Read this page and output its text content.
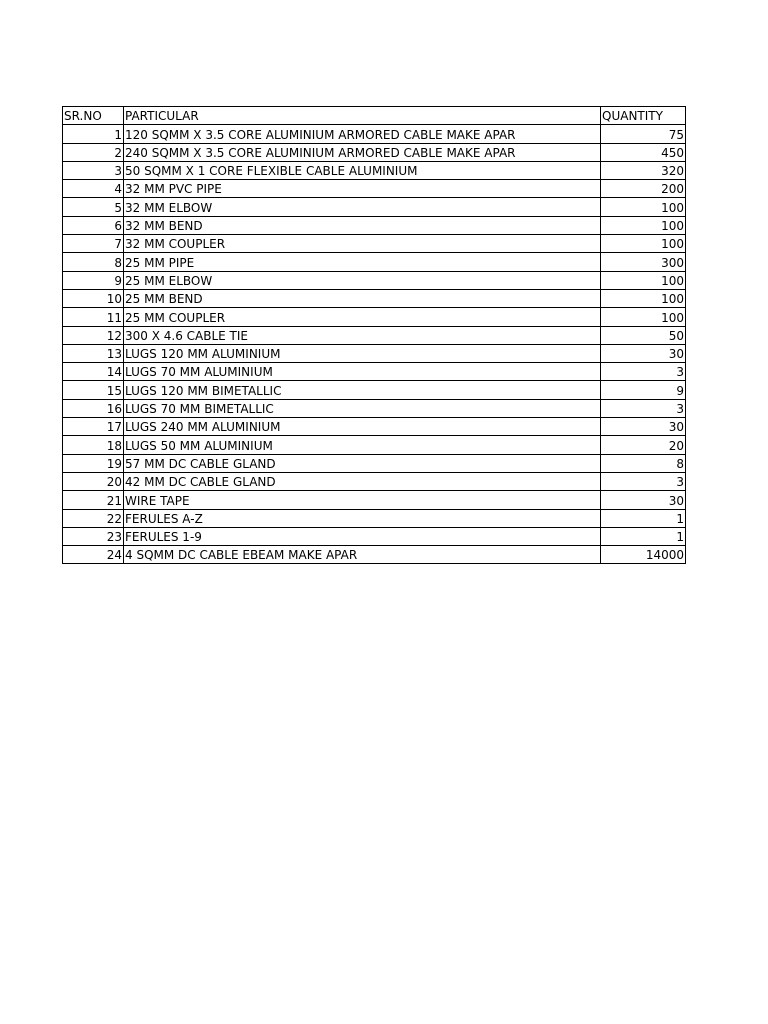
SR.NO	PARTICULAR	QUANTITY
1	120 SQMM X 3.5 CORE ALUMINIUM ARMORED CABLE MAKE APAR	75
2	240 SQMM X 3.5 CORE ALUMINIUM ARMORED CABLE MAKE APAR	450
3	50 SQMM X 1 CORE FLEXIBLE CABLE ALUMINIUM	320
4	32 MM PVC PIPE	200
5	32 MM ELBOW	100
6	32 MM BEND	100
7	32 MM COUPLER	100
8	25 MM PIPE	300
9	25 MM ELBOW	100
10	25 MM BEND	100
11	25 MM COUPLER	100
12	300 X 4.6 CABLE TIE	50
13	LUGS 120 MM ALUMINIUM	30
14	LUGS 70 MM ALUMINIUM	3
15	LUGS 120 MM BIMETALLIC	9
16	LUGS 70 MM BIMETALLIC	3
17	LUGS 240 MM ALUMINIUM	30
18	LUGS 50 MM ALUMINIUM	20
19	57 MM DC CABLE GLAND	8
20	42 MM DC CABLE GLAND	3
21	WIRE TAPE	30
22	FERULES A-Z	1
23	FERULES 1-9	1
24	4 SQMM DC CABLE EBEAM MAKE APAR	14000
